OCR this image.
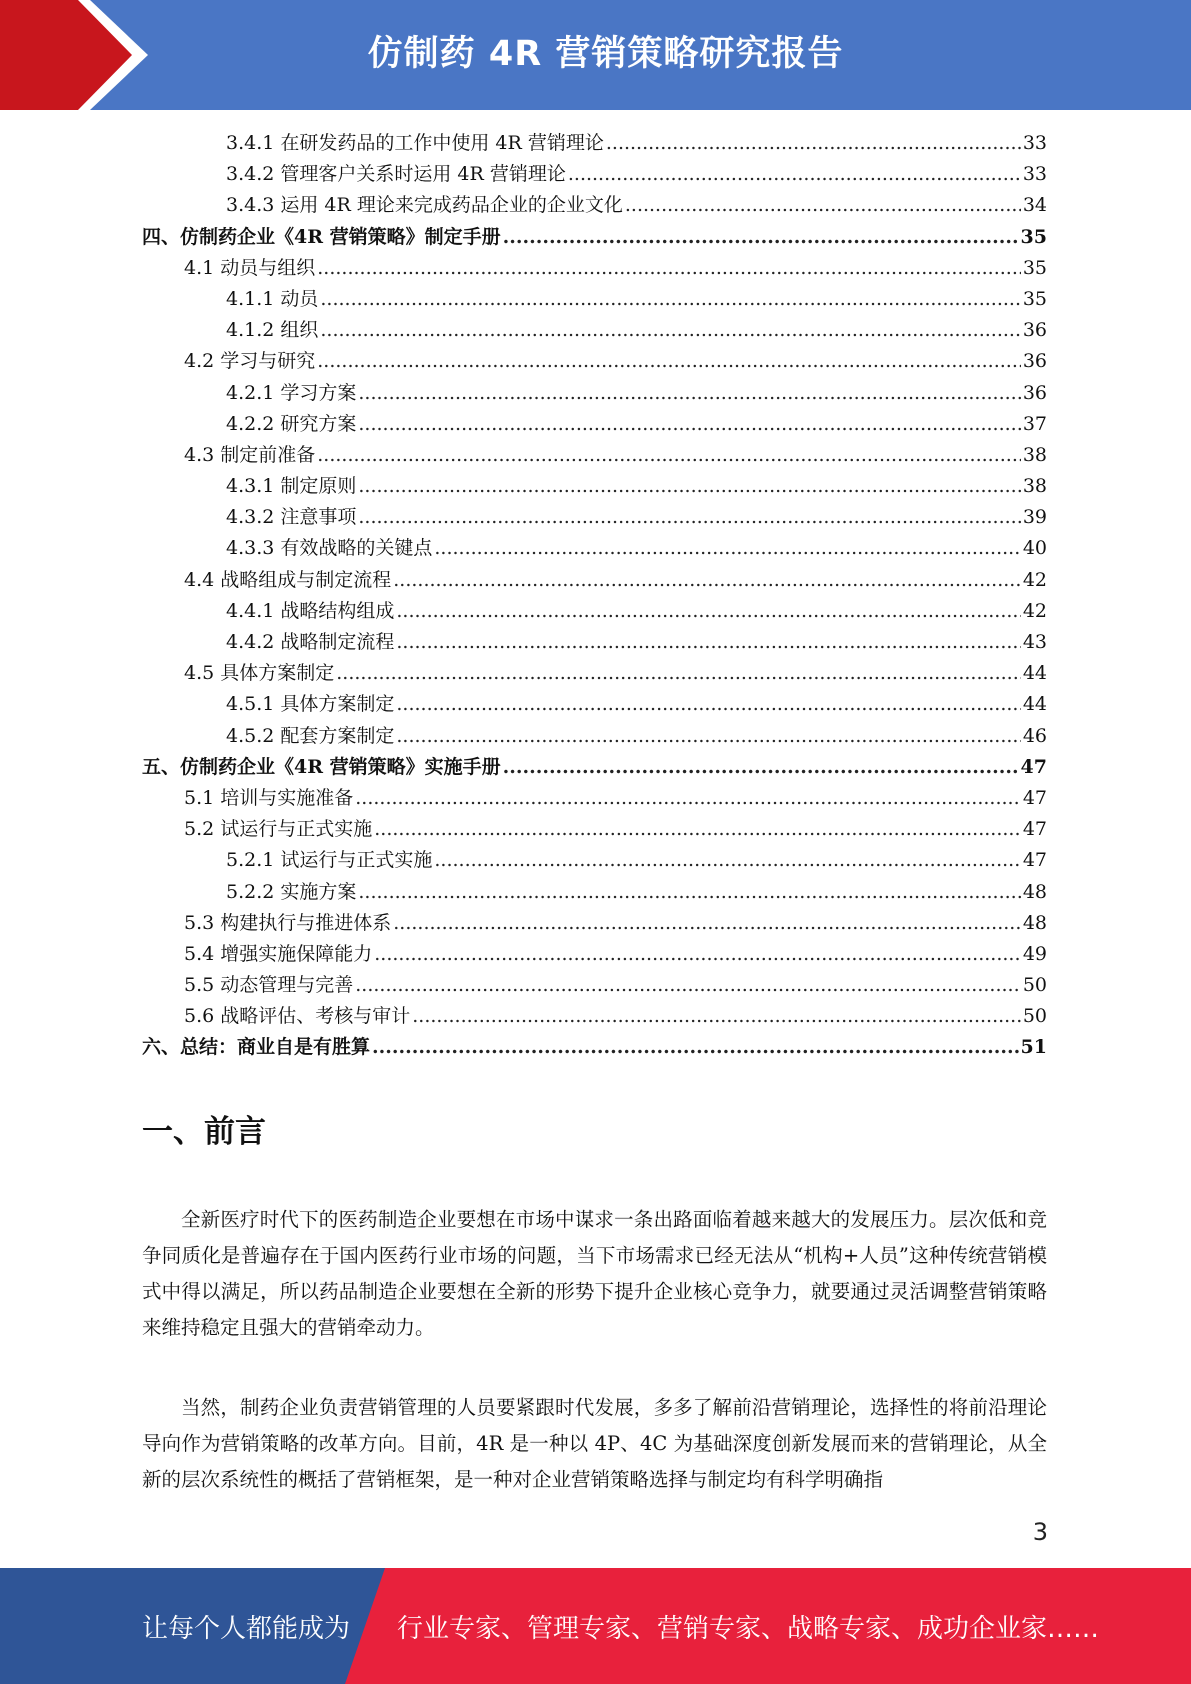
仿制药 4R 营销策略研究报告
3.4.1 在研发药品的工作中使用 4R 营销理论 .....	33
3.4.2 管理客户关系时运用 4R 营销理论 .....	33
3.4.3 运用 4R 理论来完成药品企业的企业文化 .....	34
四、仿制药企业《4R 营销策略》制定手册 .....	35
4.1 动员与组织 .....	35
4.1.1 动员 .....	35
4.1.2 组织 .....	36
4.2 学习与研究 .....	36
4.2.1 学习方案 .....	36
4.2.2 研究方案 .....	37
4.3 制定前准备 .....	38
4.3.1 制定原则 .....	38
4.3.2 注意事项 .....	39
4.3.3 有效战略的关键点 .....	40
4.4 战略组成与制定流程 .....	42
4.4.1 战略结构组成 .....	42
4.4.2 战略制定流程 .....	43
4.5 具体方案制定 .....	44
4.5.1 具体方案制定 .....	44
4.5.2 配套方案制定 .....	46
五、仿制药企业《4R 营销策略》实施手册 .....	47
5.1 培训与实施准备 .....	47
5.2 试运行与正式实施 .....	47
5.2.1 试运行与正式实施 .....	47
5.2.2 实施方案 .....	48
5.3 构建执行与推进体系 .....	48
5.4 增强实施保障能力 .....	49
5.5 动态管理与完善 .....	50
5.6 战略评估、考核与审计 .....	50
六、总结：商业自是有胜算 .....	51
一、前言

全新医疗时代下的医药制造企业要想在市场中谋求一条出路面临着越来越大的发展压力。层次低和竞争同质化是普遍存在于国内医药行业市场的问题，当下市场需求已经无法从“机构+人员”这种传统营销模式中得以满足，所以药品制造企业要想在全新的形势下提升企业核心竞争力，就要通过灵活调整营销策略来维持稳定且强大的营销牵动力。

当然，制药企业负责营销管理的人员要紧跟时代发展，多多了解前沿营销理论，选择性的将前沿理论导向作为营销策略的改革方向。目前，4R 是一种以 4P、4C 为基础深度创新发展而来的营销理论，从全新的层次系统性的概括了营销框架，是一种对企业营销策略选择与制定均有科学明确指

3
让每个人都能成为 行业专家、管理专家、营销专家、战略专家、成功企业家……
